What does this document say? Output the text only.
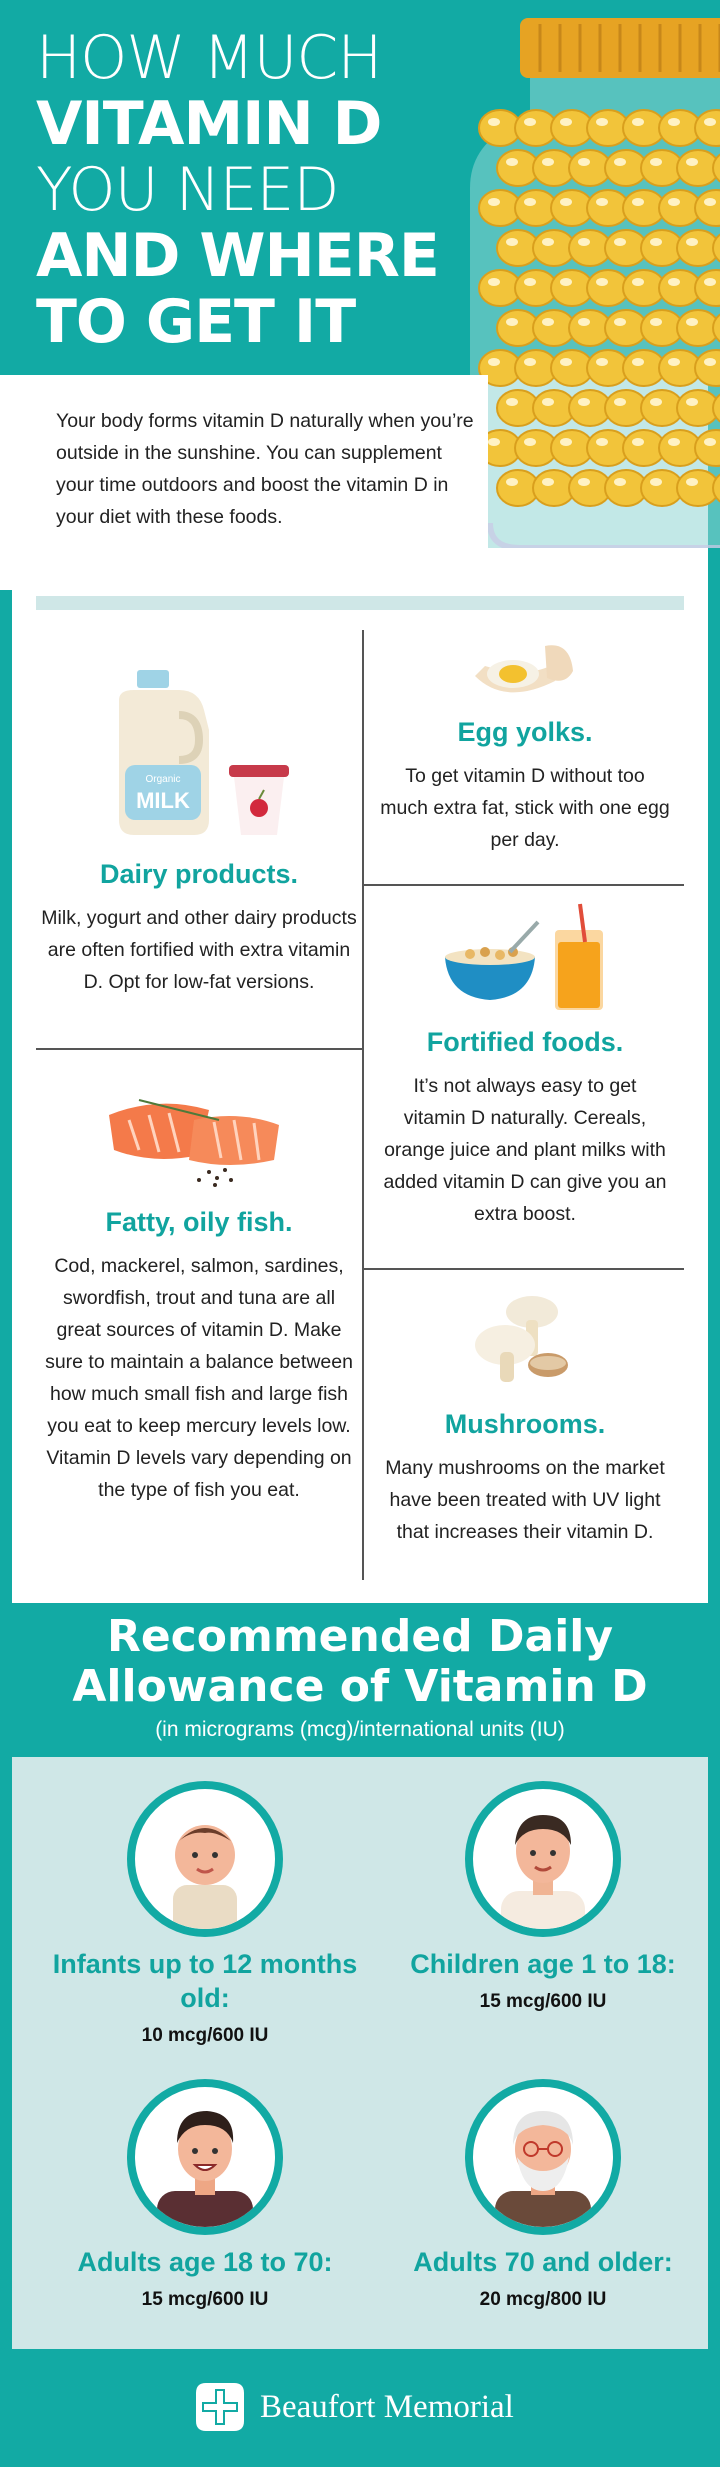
HOW MUCH
VITAMIN D
YOU NEED
AND WHERE
TO GET IT

Your body forms vitamin D naturally when you’re outside in the sunshine. You can supplement your time outdoors and boost the vitamin D in your diet with these foods.

Organic
MILK
Dairy products.

Milk, yogurt and other dairy products are often fortified with extra vitamin D. Opt for low-fat versions.

Egg yolks.

To get vitamin D without too much extra fat, stick with one egg per day.

Fortified foods.

It’s not always easy to get vitamin D naturally. Cereals, orange juice and plant milks with added vitamin D can give you an extra boost.

Fatty, oily fish.

Cod, mackerel, salmon, sardines, swordfish, trout and tuna are all great sources of vitamin D. Make sure to maintain a balance between how much small fish and large fish you eat to keep mercury levels low. Vitamin D levels vary depending on the type of fish you eat.

Mushrooms.

Many mushrooms on the market have been treated with UV light that increases their vitamin D.

Recommended Daily
Allowance of Vitamin D
(in micrograms (mcg)/international units (IU)
Infants up to 12 months old:
10 mcg/600 IU
Children age 1 to 18:
15 mcg/600 IU
Adults age 18 to 70:
15 mcg/600 IU
Adults 70 and older:
20 mcg/800 IU
Beaufort Memorial
